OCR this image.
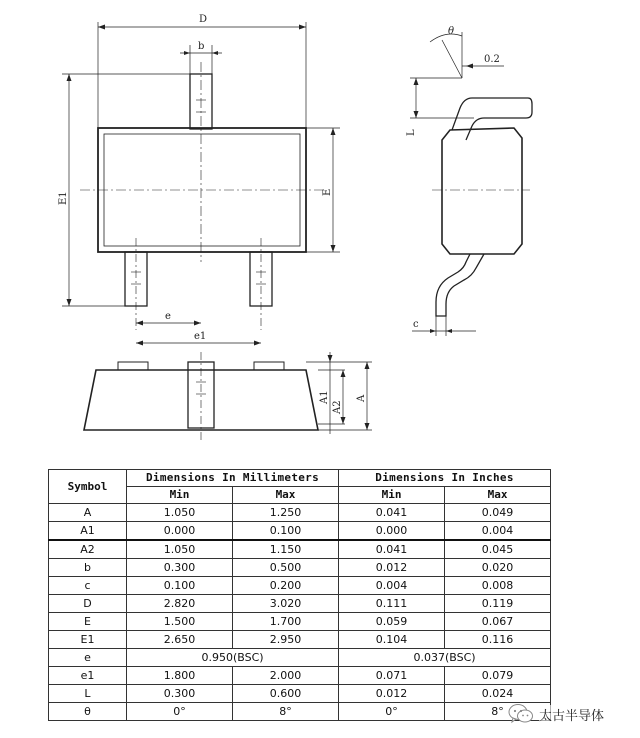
D
b
E1	E
e
e1
θ
0.2
L
c
A1
A2
A
Symbol	Dimensions In Millimeters		Dimensions In Inches	
	Min	Max	Min	Max
A	1.050	1.250	0.041	0.049
A1	0.000	0.100	0.000	0.004
A2	1.050	1.150	0.041	0.045
b	0.300	0.500	0.012	0.020
c	0.100	0.200	0.004	0.008
D	2.820	3.020	0.111	0.119
E	1.500	1.700	0.059	0.067
E1	2.650	2.950	0.104	0.116
e	0.950(BSC)		0.037(BSC)	
e1	1.800	2.000	0.071	0.079
L	0.300	0.600	0.012	0.024
θ	0°	8°	0°	8°	太古半导体
